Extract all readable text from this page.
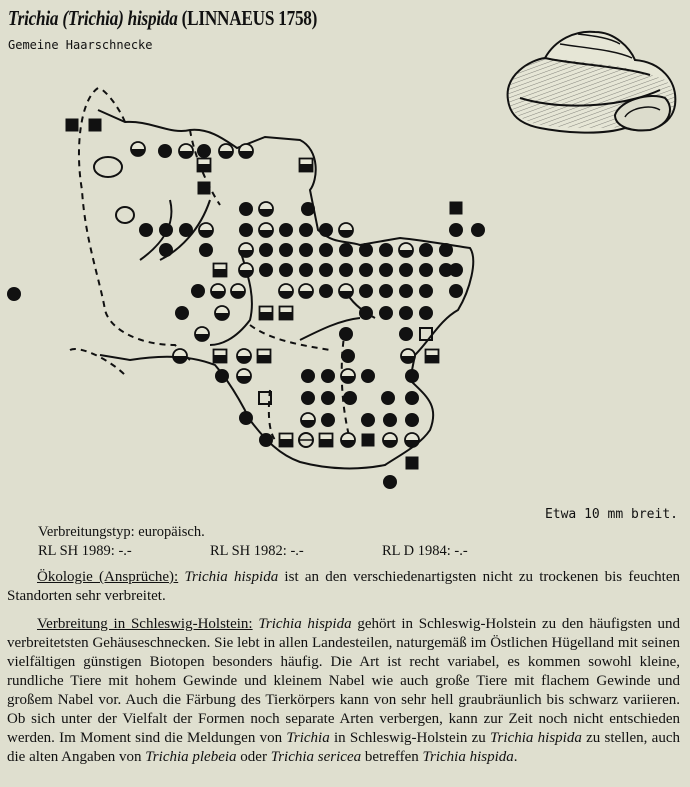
Trichia (Trichia) hispida (LINNAEUS 1758)
Gemeine Haarschnecke
Etwa 10 mm breit.
Verbreitungstyp: europäisch.
RL SH 1989: -.-	RL SH 1982: -.-	RL D 1984: -.-
Ökologie (Ansprüche): Trichia hispida ist an den verschiedenartigsten nicht zu trockenen bis feuchten Standorten sehr verbreitet.
Verbreitung in Schleswig-Holstein: Trichia hispida gehört in Schleswig-Holstein zu den häufigsten und verbreitetsten Gehäuseschnecken. Sie lebt in allen Landesteilen, naturgemäß im Östlichen Hügelland mit seinen vielfältigen günstigen Biotopen besonders häufig. Die Art ist recht variabel, es kommen sowohl kleine, rundliche Tiere mit hohem Gewinde und kleinem Nabel wie auch große Tiere mit flachem Gewinde und großem Nabel vor. Auch die Färbung des Tierkörpers kann von sehr hell graubräunlich bis schwarz variieren. Ob sich unter der Vielfalt der Formen noch separate Arten verbergen, kann zur Zeit noch nicht entschieden werden. Im Moment sind die Meldungen von Trichia in Schleswig-Holstein zu Trichia hispida zu stellen, auch die alten Angaben von Trichia plebeia oder Trichia sericea betreffen Trichia hispida.
